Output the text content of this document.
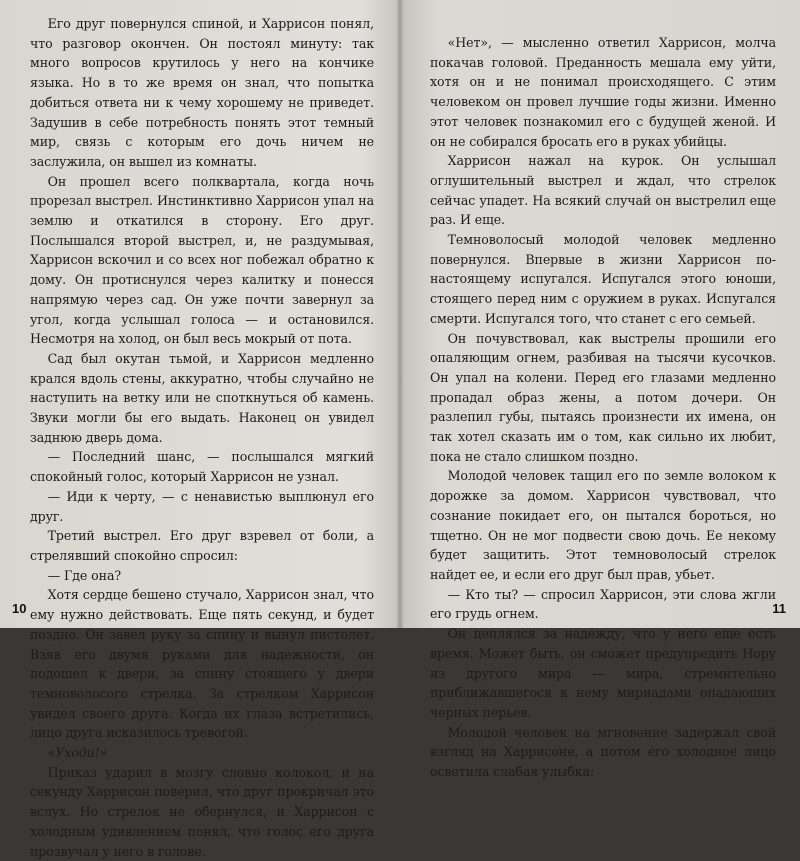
Его друг повернулся спиной, и Харрисон понял, что разговор окончен. Он постоял минуту: так много вопросов крутилось у него на кончике языка. Но в то же время он знал, что попытка добиться ответа ни к чему хорошему не приведет. Задушив в себе потребность понять этот темный мир, связь с которым его дочь ничем не заслужила, он вышел из комнаты.

Он прошел всего полквартала, когда ночь прорезал выстрел. Инстинктивно Харрисон упал на землю и откатился в сторону. Его друг. Послышался второй выстрел, и, не раздумывая, Харрисон вскочил и со всех ног побежал обратно к дому. Он протиснулся через калитку и понесся напрямую через сад. Он уже почти завернул за угол, когда услышал голоса — и остановился. Несмотря на холод, он был весь мокрый от пота.

Сад был окутан тьмой, и Харрисон медленно крался вдоль стены, аккуратно, чтобы случайно не наступить на ветку или не споткнуться об камень. Звуки могли бы его выдать. Наконец он увидел заднюю дверь дома.

— Последний шанс, — послышался мягкий спокойный голос, который Харрисон не узнал.

— Иди к черту, — с ненавистью выплюнул его друг.

Третий выстрел. Его друг взревел от боли, а стрелявший спокойно спросил:

— Где она?

Хотя сердце бешено стучало, Харрисон знал, что ему нужно действовать. Еще пять секунд, и будет поздно. Он завел руку за спину и вынул пистолет. Взяв его двумя руками для надежности, он подошел к двери, за спину стоящего у двери темноволосого стрелка. За стрелком Харрисон увидел своего друга. Когда их глаза встретились, лицо друга исказилось тревогой.

«Уходи!»

Приказ ударил в мозгу словно колокол, и на секунду Харрисон поверил, что друг прокричал это вслух. Но стрелок не обернулся, и Харрисон с холодным удивлением понял, что голос его друга прозвучал у него в голове.

10

«Нет», — мысленно ответил Харрисон, молча покачав головой. Преданность мешала ему уйти, хотя он и не понимал происходящего. С этим человеком он провел лучшие годы жизни. Именно этот человек познакомил его с будущей женой. И он не собирался бросать его в руках убийцы.

Харрисон нажал на курок. Он услышал оглушительный выстрел и ждал, что стрелок сейчас упадет. На всякий случай он выстрелил еще раз. И еще.

Темноволосый молодой человек медленно повернулся. Впервые в жизни Харрисон по-настоящему испугался. Испугался этого юноши, стоящего перед ним с оружием в руках. Испугался смерти. Испугался того, что станет с его семьей.

Он почувствовал, как выстрелы прошили его опаляющим огнем, разбивая на тысячи кусочков. Он упал на колени. Перед его глазами медленно пропадал образ жены, а потом дочери. Он разлепил губы, пытаясь произнести их имена, он так хотел сказать им о том, как сильно их любит, пока не стало слишком поздно.

Молодой человек тащил его по земле волоком к дорожке за домом. Харрисон чувствовал, что сознание покидает его, он пытался бороться, но тщетно. Он не мог подвести свою дочь. Ее некому будет защитить. Этот темноволосый стрелок найдет ее, и если его друг был прав, убьет.

— Кто ты? — спросил Харрисон, эти слова жгли его грудь огнем.

Он цеплялся за надежду, что у него еще есть время. Может быть, он сможет предупредить Нору из другого мира — мира, стремительно приближавшегося к нему мириадами опадающих черных перьев.

Молодой человек на мгновение задержал свой взгляд на Харрисоне, а потом его холодное лицо осветила слабая улыбка:

11
